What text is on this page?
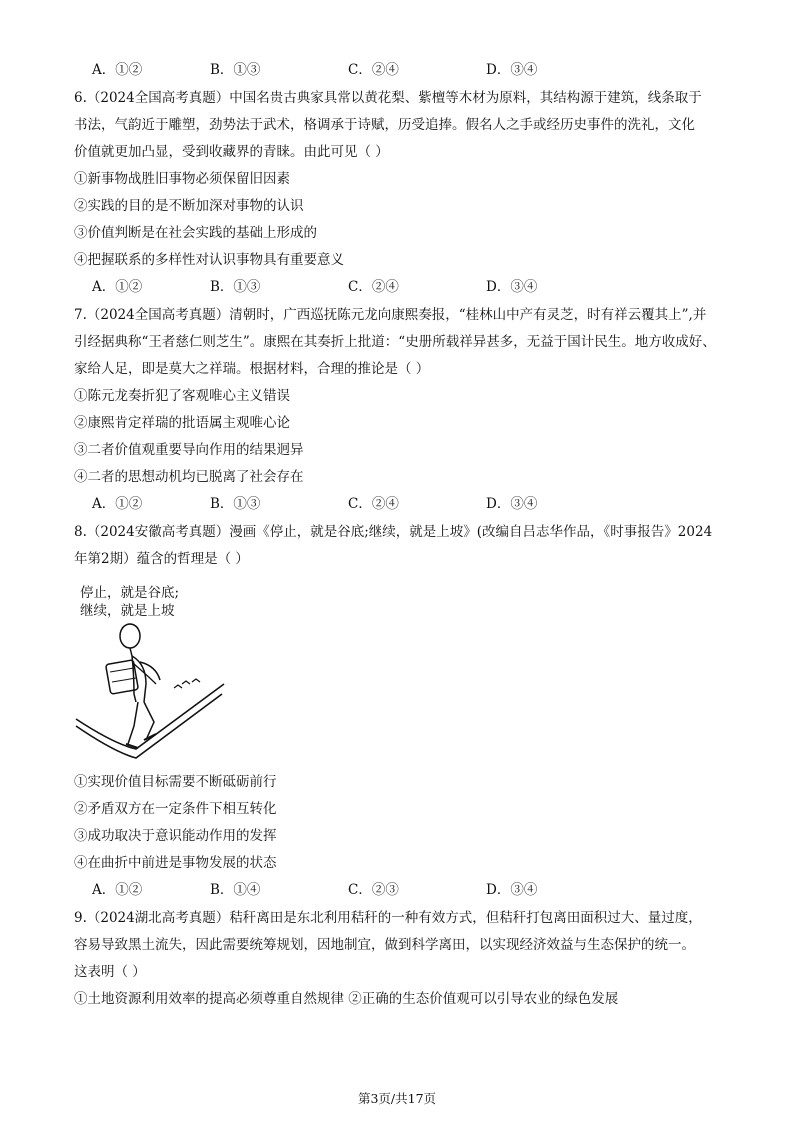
A．①②	B．①③	C．②④	D．③④
6.（2024全国高考真题）中国名贵古典家具常以黄花梨、紫檀等木材为原料，其结构源于建筑，线条取于
书法，气韵近于雕塑，劲势法于武术，格调承于诗赋，历受追捧。假名人之手或经历史事件的洗礼，文化
价值就更加凸显，受到收藏界的青睐。由此可见（ ）
①新事物战胜旧事物必须保留旧因素
②实践的目的是不断加深对事物的认识
③价值判断是在社会实践的基础上形成的
④把握联系的多样性对认识事物具有重要意义
A．①②	B．①③	C．②④	D．③④
7.（2024全国高考真题）清朝时，广西巡抚陈元龙向康熙奏报，“桂林山中产有灵芝，时有祥云覆其上”,并
引经据典称“王者慈仁则芝生”。康熙在其奏折上批道：“史册所载祥异甚多，无益于国计民生。地方收成好、
家给人足，即是莫大之祥瑞。根据材料，合理的推论是（ ）
①陈元龙奏折犯了客观唯心主义错误
②康熙肯定祥瑞的批语属主观唯心论
③二者价值观重要导向作用的结果迥异
④二者的思想动机均已脱离了社会存在
A．①②	B．①③	C．②④	D．③④
8.（2024安徽高考真题）漫画《停止，就是谷底;继续，就是上坡》(改编自吕志华作品，《时事报告》2024
年第2期）蕴含的哲理是（ ）
停止，就是谷底;
继续，就是上坡
①实现价值目标需要不断砥砺前行
②矛盾双方在一定条件下相互转化
③成功取决于意识能动作用的发挥
④在曲折中前进是事物发展的状态
A．①②	B．①④	C．②③	D．③④
9.（2024湖北高考真题）秸秆离田是东北利用秸秆的一种有效方式，但秸秆打包离田面积过大、量过度，
容易导致黑土流失，因此需要统筹规划，因地制宜，做到科学离田，以实现经济效益与生态保护的统一。
这表明（ ）
①土地资源利用效率的提高必须尊重自然规律 ②正确的生态价值观可以引导农业的绿色发展
第3页/共17页
